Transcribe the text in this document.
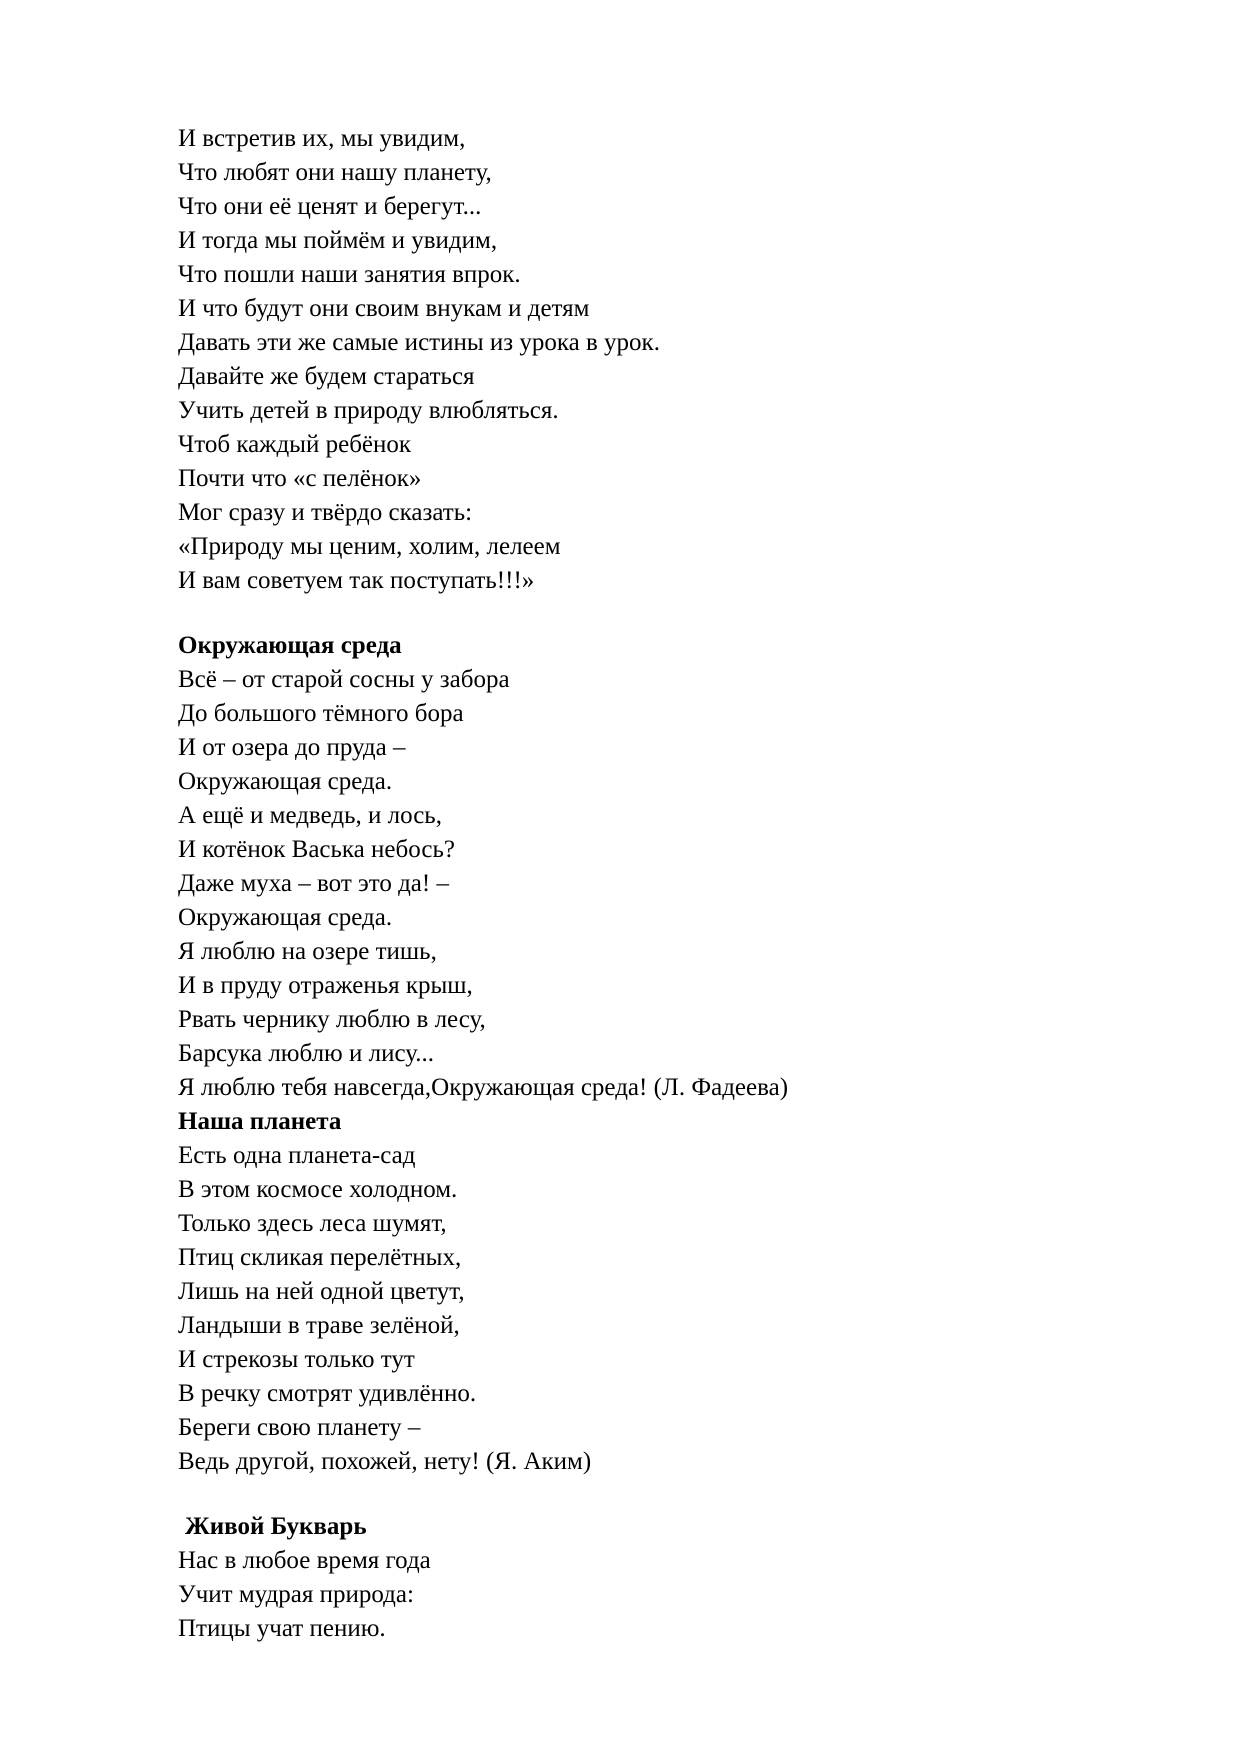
И встретив их, мы увидим,
Что любят они нашу планету,
Что они её ценят и берегут...
И тогда мы поймём и увидим,
Что пошли наши занятия впрок.
И что будут они своим внукам и детям
Давать эти же самые истины из урока в урок.
Давайте же будем стараться
Учить детей в природу влюбляться.
Чтоб каждый ребёнок
Почти что «с пелёнок»
Мог сразу и твёрдо сказать:
«Природу мы ценим, холим, лелеем
И вам советуем так поступать!!!»
Окружающая среда
Всё – от старой сосны у забора
До большого тёмного бора
И от озера до пруда –
Окружающая среда.
А ещё и медведь, и лось,
И котёнок Васька небось?
Даже муха – вот это да! –
Окружающая среда.
Я люблю на озере тишь,
И в пруду отраженья крыш,
Рвать чернику люблю в лесу,
Барсука люблю и лису...
Я люблю тебя навсегда,Окружающая среда! (Л. Фадеева)
Наша планета
Есть одна планета-сад
В этом космосе холодном.
Только здесь леса шумят,
Птиц скликая перелётных,
Лишь на ней одной цветут,
Ландыши в траве зелёной,
И стрекозы только тут
В речку смотрят удивлённо.
Береги свою планету –
Ведь другой, похожей, нету! (Я. Аким)
Живой Букварь
Нас в любое время года
Учит мудрая природа:
Птицы учат пению.
